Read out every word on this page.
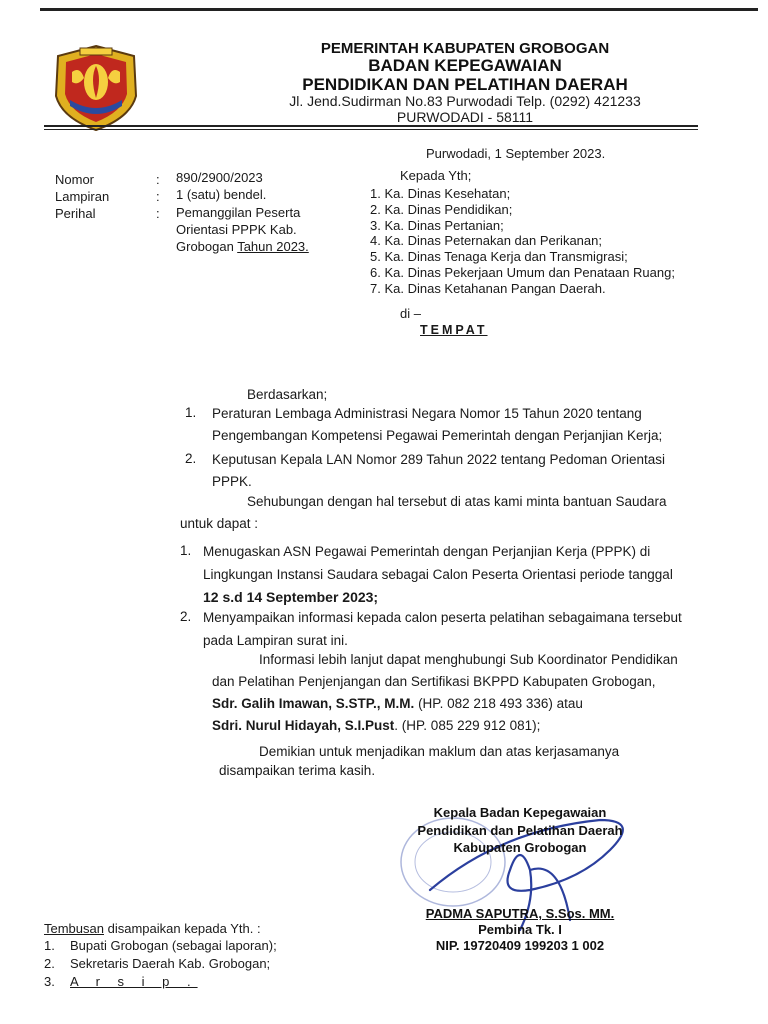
PEMERINTAH KABUPATEN GROBOGAN
BADAN KEPEGAWAIAN
PENDIDIKAN DAN PELATIHAN DAERAH
Jl. Jend.Sudirman No.83 Purwodadi Telp. (0292) 421233
PURWODADI - 58111
Purwodadi, 1 September 2023.
Nomor	: 890/2900/2023
Lampiran	: 1 (satu) bendel.
Perihal	: Pemanggilan Peserta
Orientasi PPPK Kab.
Grobogan Tahun 2023.
Kepada Yth;
1. Ka. Dinas Kesehatan;
2. Ka. Dinas Pendidikan;
3. Ka. Dinas Pertanian;
4. Ka. Dinas Peternakan dan Perikanan;
5. Ka. Dinas Tenaga Kerja dan Transmigrasi;
6. Ka. Dinas Pekerjaan Umum dan Penataan Ruang;
7. Ka. Dinas Ketahanan Pangan Daerah.
di –
TEMPAT
Berdasarkan;
1. Peraturan Lembaga Administrasi Negara Nomor 15 Tahun 2020 tentang
Pengembangan Kompetensi Pegawai Pemerintah dengan Perjanjian Kerja;
2. Keputusan Kepala LAN Nomor 289 Tahun 2022 tentang Pedoman Orientasi
PPPK.
Sehubungan dengan hal tersebut di atas kami minta bantuan Saudara
untuk dapat :
1. Menugaskan ASN Pegawai Pemerintah dengan Perjanjian Kerja (PPPK) di
Lingkungan Instansi Saudara sebagai Calon Peserta Orientasi periode tanggal
12 s.d 14 September 2023;
2. Menyampaikan informasi kepada calon peserta pelatihan sebagaimana tersebut
pada Lampiran surat ini.
Informasi lebih lanjut dapat menghubungi Sub Koordinator Pendidikan
dan Pelatihan Penjenjangan dan Sertifikasi BKPPD Kabupaten Grobogan,
Sdr. Galih Imawan, S.STP., M.M. (HP. 082 218 493 336) atau
Sdri. Nurul Hidayah, S.I.Pust. (HP. 085 229 912 081);
Demikian untuk menjadikan maklum dan atas kerjasamanya
disampaikan terima kasih.
Kepala Badan Kepegawaian
Pendidikan dan Pelatihan Daerah
Kabupaten Grobogan
PADMA SAPUTRA, S.Sos. MM.
Pembina Tk. I
NIP. 19720409 199203 1 002
Tembusan disampaikan kepada Yth. :
1. Bupati Grobogan (sebagai laporan);
2. Sekretaris Daerah Kab. Grobogan;
3. A r s i p .
